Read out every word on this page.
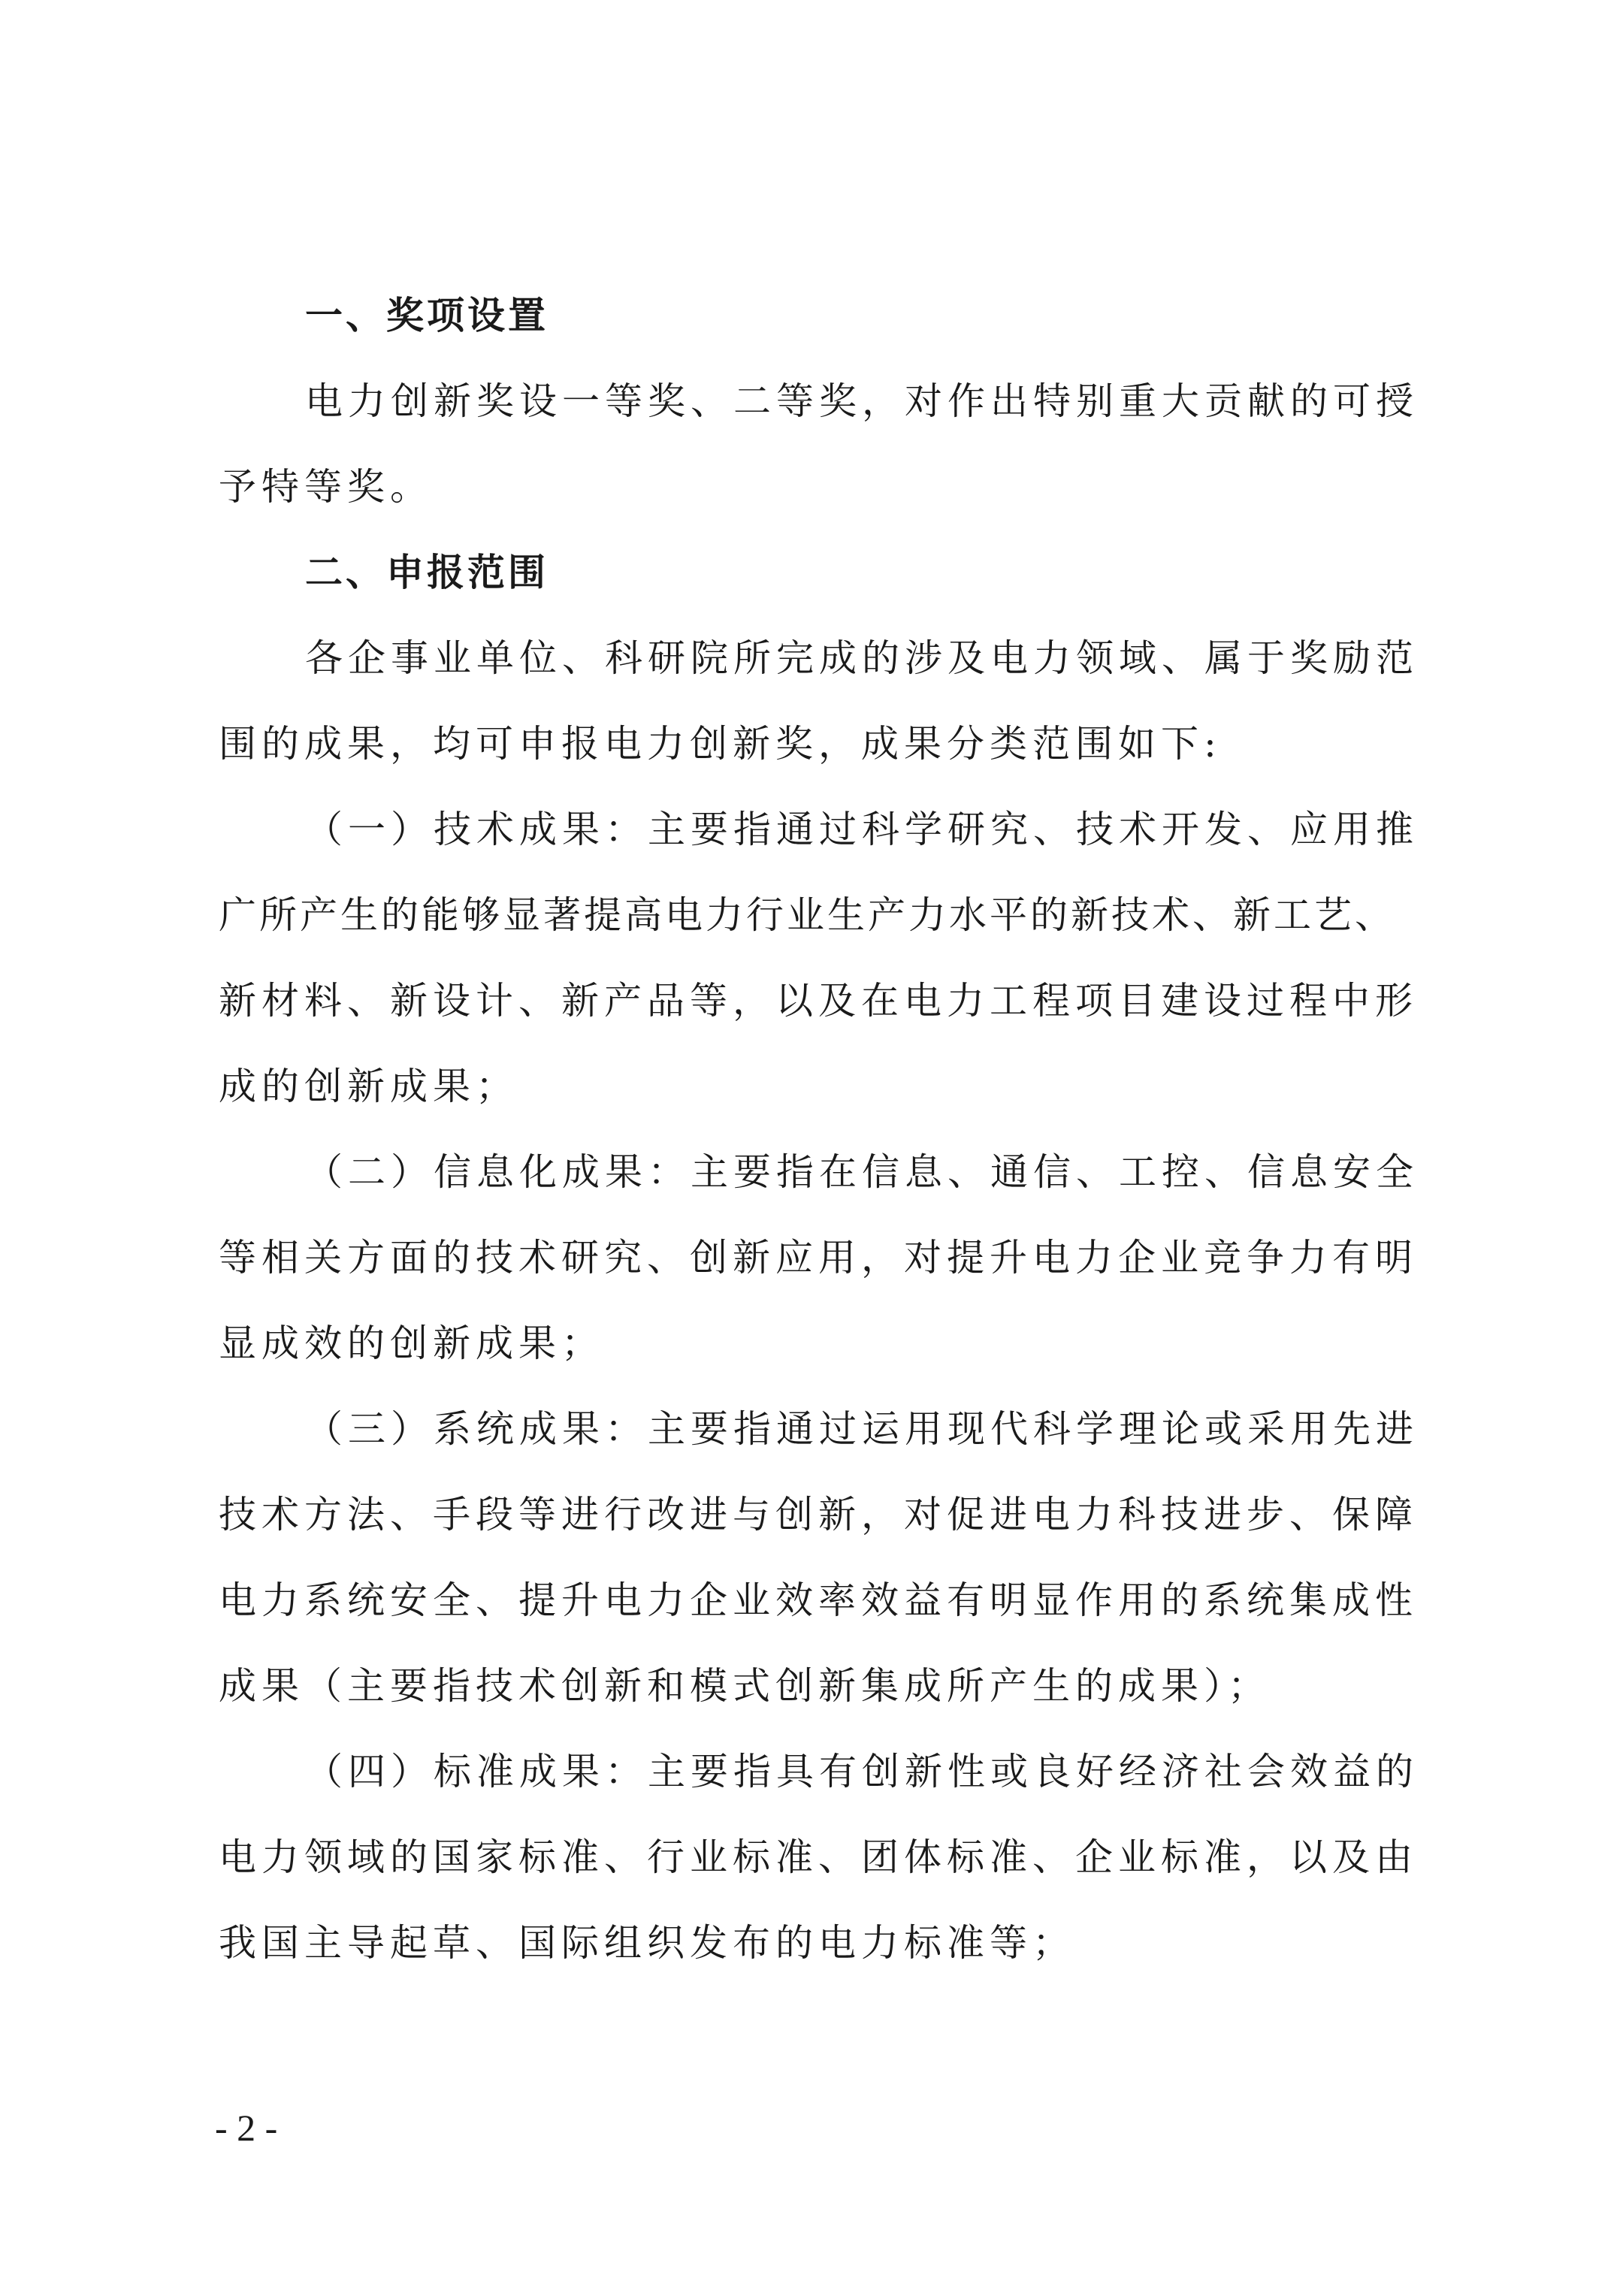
一、奖项设置
电力创新奖设一等奖、二等奖，对作出特别重大贡献的可授
予特等奖。
二、申报范围
各企事业单位、科研院所完成的涉及电力领域、属于奖励范
围的成果，均可申报电力创新奖，成果分类范围如下:
（一）技术成果：主要指通过科学研究、技术开发、应用推
广所产生的能够显著提高电力行业生产力水平的新技术、新工艺、
新材料、新设计、新产品等，以及在电力工程项目建设过程中形
成的创新成果；
（二）信息化成果：主要指在信息、通信、工控、信息安全
等相关方面的技术研究、创新应用，对提升电力企业竞争力有明
显成效的创新成果；
（三）系统成果：主要指通过运用现代科学理论或采用先进
技术方法、手段等进行改进与创新，对促进电力科技进步、保障
电力系统安全、提升电力企业效率效益有明显作用的系统集成性
成果（主要指技术创新和模式创新集成所产生的成果）；
（四）标准成果：主要指具有创新性或良好经济社会效益的
电力领域的国家标准、行业标准、团体标准、企业标准，以及由
我国主导起草、国际组织发布的电力标准等；
- 2 -
